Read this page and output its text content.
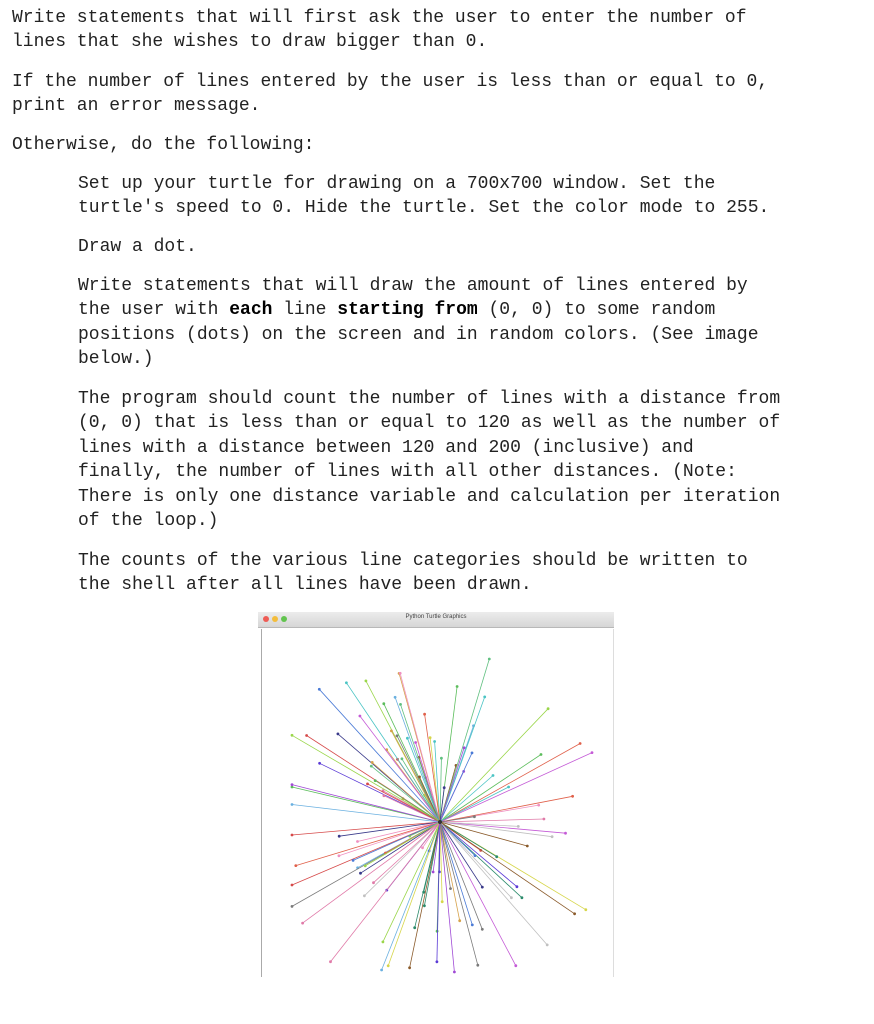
Write statements that will first ask the user to enter the number of
lines that she wishes to draw bigger than 0.
If the number of lines entered by the user is less than or equal to 0,
print an error message.
Otherwise, do the following:
Set up your turtle for drawing on a 700x700 window. Set the
turtle's speed to 0. Hide the turtle. Set the color mode to 255.
Draw a dot.
Write statements that will draw the amount of lines entered by
the user with each line starting from (0, 0) to some random
positions (dots) on the screen and in random colors. (See image
below.)
The program should count the number of lines with a distance from
(0, 0) that is less than or equal to 120 as well as the number of
lines with a distance between 120 and 200 (inclusive) and
finally, the number of lines with all other distances. (Note:
There is only one distance variable and calculation per iteration
of the loop.)
The counts of the various line categories should be written to
the shell after all lines have been drawn.
Python Turtle Graphics
